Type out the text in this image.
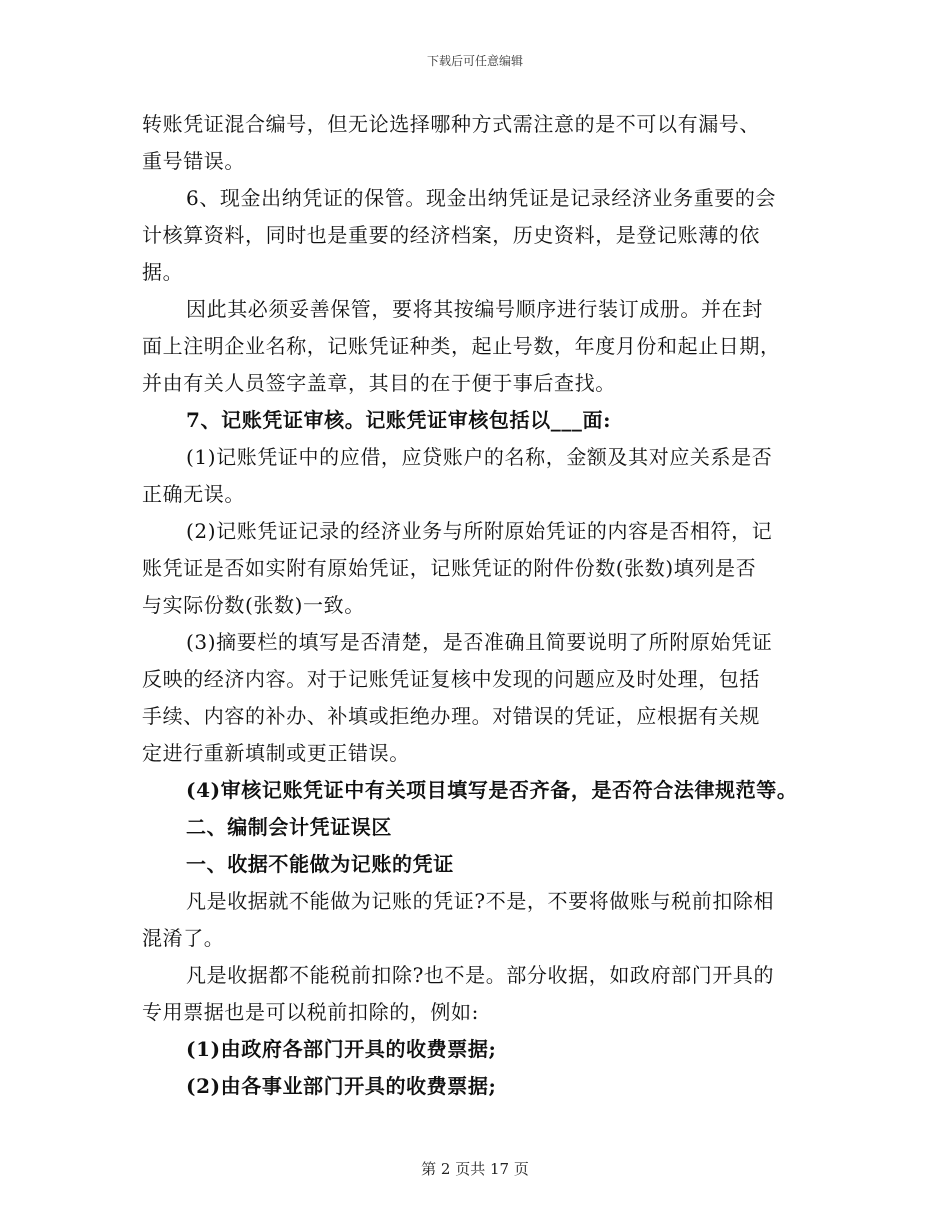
下载后可任意编辑
转账凭证混合编号，但无论选择哪种方式需注意的是不可以有漏号、
重号错误。
6、现金出纳凭证的保管。现金出纳凭证是记录经济业务重要的会
计核算资料，同时也是重要的经济档案，历史资料，是登记账薄的依
据。
因此其必须妥善保管，要将其按编号顺序进行装订成册。并在封
面上注明企业名称，记账凭证种类，起止号数，年度月份和起止日期，
并由有关人员签字盖章，其目的在于便于事后查找。
7、记账凭证审核。记账凭证审核包括以___面:
(1)记账凭证中的应借，应贷账户的名称，金额及其对应关系是否
正确无误。
(2)记账凭证记录的经济业务与所附原始凭证的内容是否相符，记
账凭证是否如实附有原始凭证，记账凭证的附件份数(张数)填列是否
与实际份数(张数)一致。
(3)摘要栏的填写是否清楚，是否准确且简要说明了所附原始凭证
反映的经济内容。对于记账凭证复核中发现的问题应及时处理，包括
手续、内容的补办、补填或拒绝办理。对错误的凭证，应根据有关规
定进行重新填制或更正错误。
(4)审核记账凭证中有关项目填写是否齐备，是否符合法律规范等。
二、编制会计凭证误区
一、收据不能做为记账的凭证
凡是收据就不能做为记账的凭证?不是，不要将做账与税前扣除相
混淆了。
凡是收据都不能税前扣除?也不是。部分收据，如政府部门开具的
专用票据也是可以税前扣除的，例如:
(1)由政府各部门开具的收费票据;
(2)由各事业部门开具的收费票据;
第 2 页共 17 页
